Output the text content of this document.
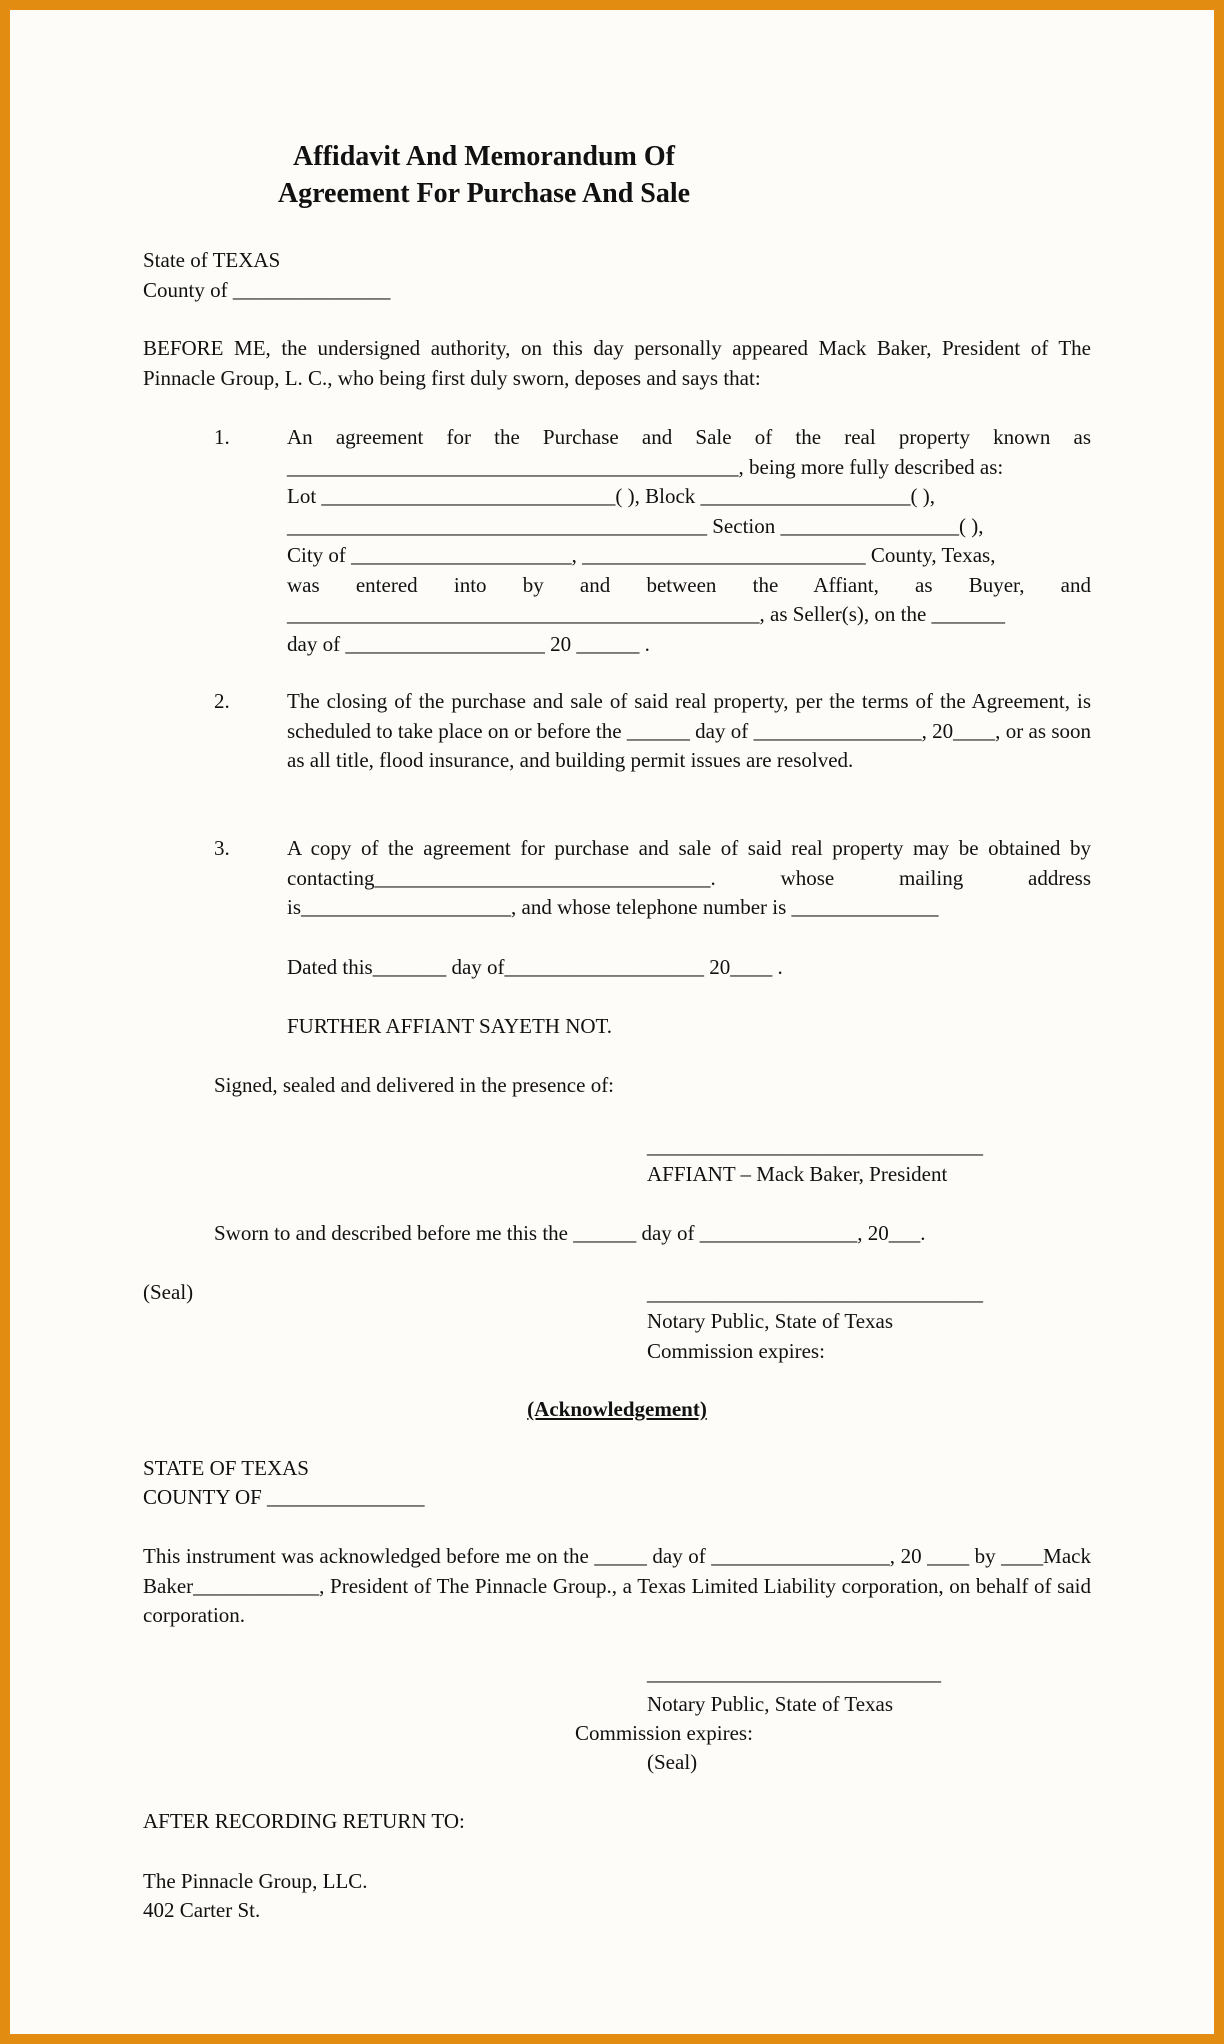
Affidavit And Memorandum Of
Agreement For Purchase And Sale
State of TEXAS
County of _______________
BEFORE ME, the undersigned authority, on this day personally appeared Mack Baker, President of The Pinnacle Group, L. C., who being first duly sworn, deposes and says that:
1.	An agreement for the Purchase and Sale of the real property known as
___________________________________________, being more fully described as:
Lot ____________________________( ), Block ____________________( ),
________________________________________ Section _________________( ),
City of _____________________, ___________________________ County, Texas,
was entered into by and between the Affiant, as Buyer, and
_____________________________________________, as Seller(s), on the _______
day of ___________________ 20 ______ .
2.	The closing of the purchase and sale of said real property, per the terms of the Agreement, is scheduled to take place on or before the ______ day of ________________, 20____, or as soon as all title, flood insurance, and building permit issues are resolved.
3.	A copy of the agreement for purchase and sale of said real property may be obtained by contacting________________________________. whose mailing address is____________________, and whose telephone number is ______________
Dated this_______ day of___________________ 20____ .
FURTHER AFFIANT SAYETH NOT.
Signed, sealed and delivered in the presence of:
________________________________
AFFIANT – Mack Baker, President
Sworn to and described before me this the ______ day of _______________, 20___.
(Seal)	________________________________
Notary Public, State of Texas
Commission expires:
(Acknowledgement)
STATE OF TEXAS
COUNTY OF _______________
This instrument was acknowledged before me on the _____ day of _________________, 20 ____ by ____Mack Baker____________, President of The Pinnacle Group., a Texas Limited Liability corporation, on behalf of said corporation.
____________________________
Notary Public, State of Texas
Commission expires:
(Seal)
AFTER RECORDING RETURN TO:
The Pinnacle Group, LLC.
402 Carter St.
